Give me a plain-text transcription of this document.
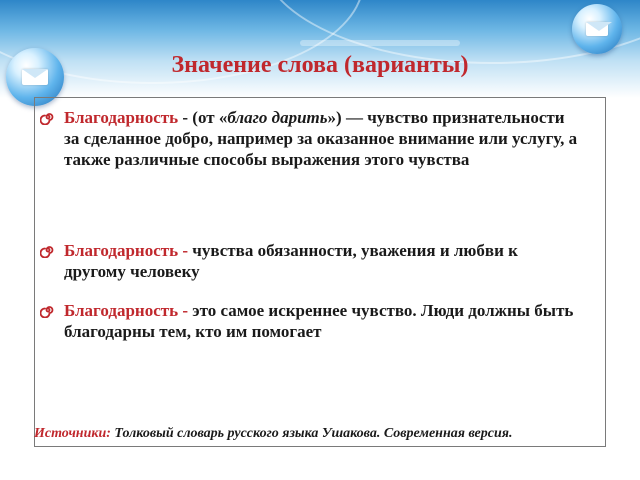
Значение слова (варианты)
Благодарность - (от «благо дарить») — чувство признательности за сделанное добро, например за оказанное внимание или услугу, а также различные способы выражения этого чувства
Благодарность - чувства обязанности, уважения и любви к другому человеку
Благодарность - это самое искреннее чувство. Люди должны быть благодарны тем, кто им помогает
Источники: Толковый словарь русского языка Ушакова. Современная версия.
